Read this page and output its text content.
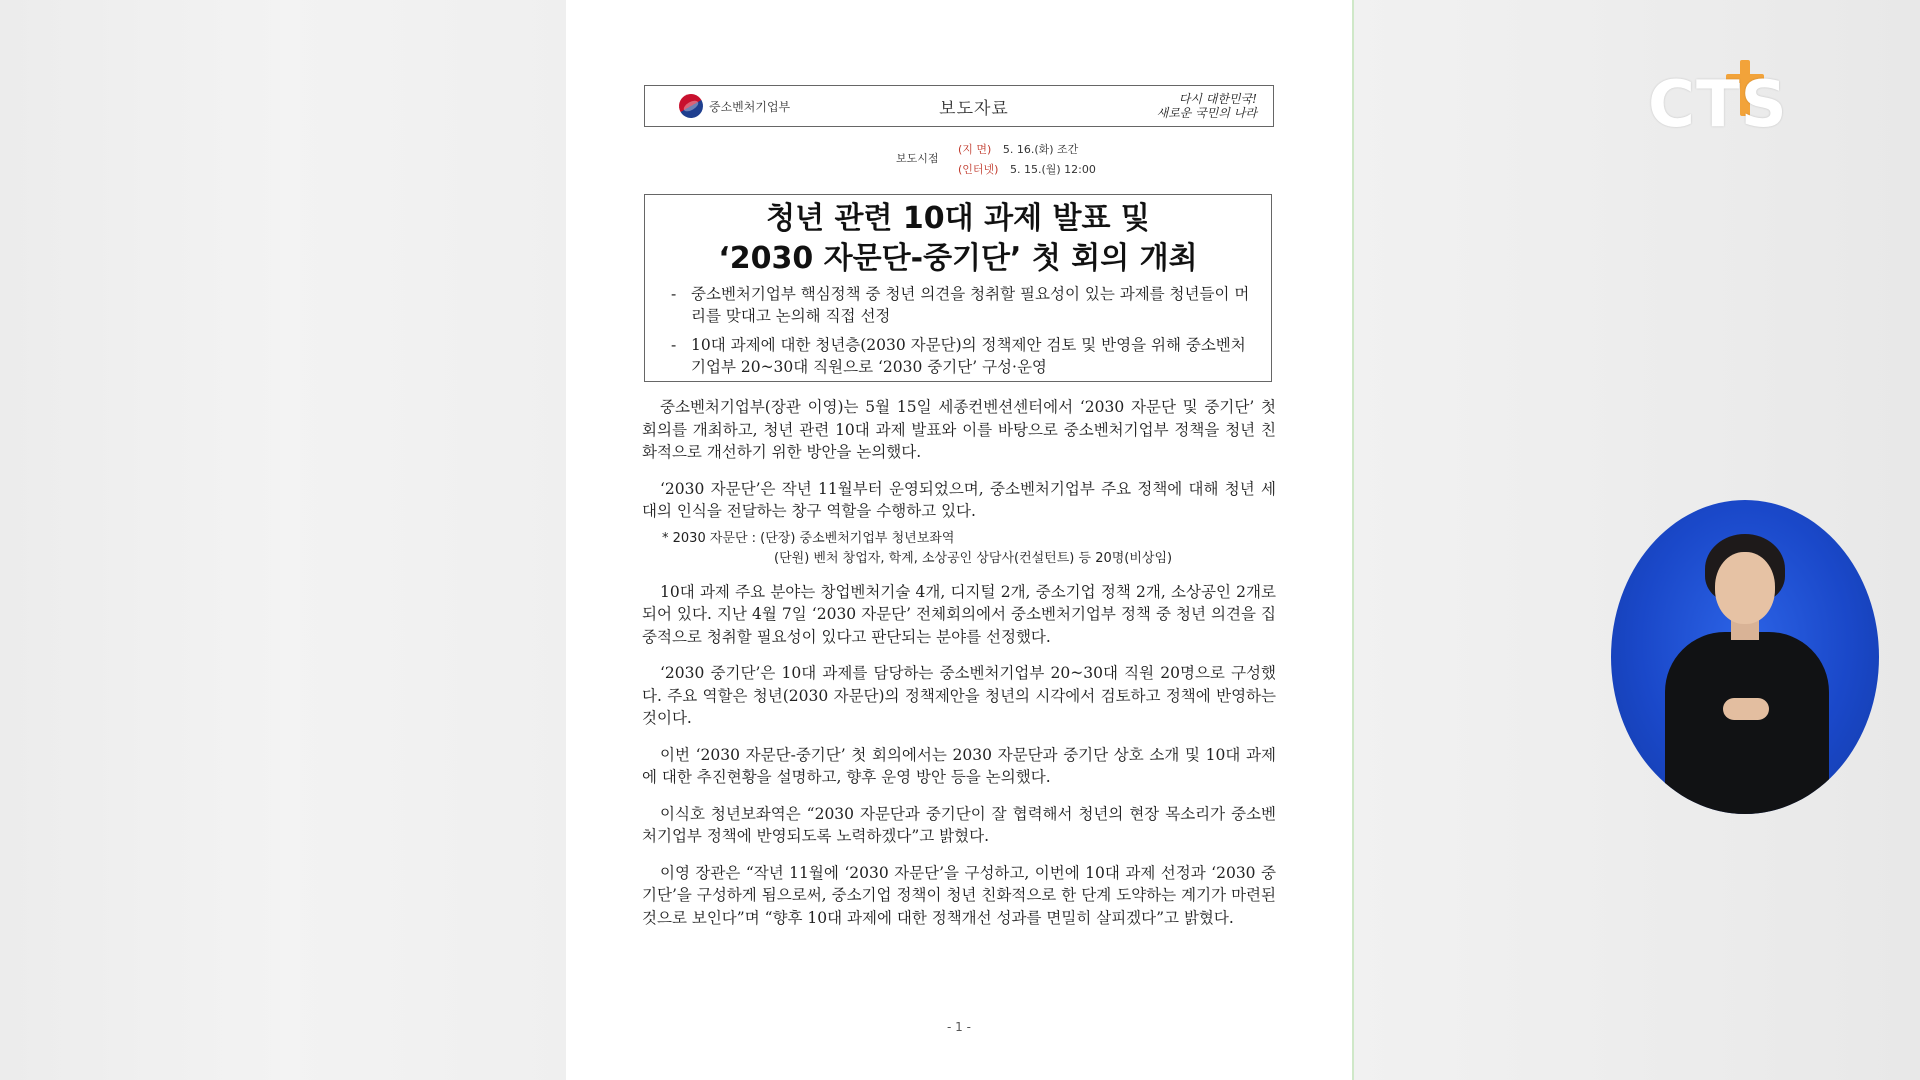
중소벤처기업부	보도자료	다시 대한민국!
새로운 국민의 나라
보도시점
(지 면) 5. 16.(화) 조간
(인터넷) 5. 15.(월) 12:00
청년 관련 10대 과제 발표 및
‘2030 자문단-중기단’ 첫 회의 개최
- 중소벤처기업부 핵심정책 중 청년 의견을 청취할 필요성이 있는 과제를 청년들이 머리를 맞대고 논의해 직접 선정
- 10대 과제에 대한 청년층(2030 자문단)의 정책제안 검토 및 반영을 위해 중소벤처기업부 20~30대 직원으로 ‘2030 중기단’ 구성·운영

중소벤처기업부(장관 이영)는 5월 15일 세종컨벤션센터에서 ‘2030 자문단 및 중기단’ 첫 회의를 개최하고, 청년 관련 10대 과제 발표와 이를 바탕으로 중소벤처기업부 정책을 청년 친화적으로 개선하기 위한 방안을 논의했다.

‘2030 자문단’은 작년 11월부터 운영되었으며, 중소벤처기업부 주요 정책에 대해 청년 세대의 인식을 전달하는 창구 역할을 수행하고 있다.

* 2030 자문단 : (단장) 중소벤처기업부 청년보좌역
(단원) 벤처 창업자, 학계, 소상공인 상담사(컨설턴트) 등 20명(비상임)

10대 과제 주요 분야는 창업벤처기술 4개, 디지털 2개, 중소기업 정책 2개, 소상공인 2개로 되어 있다. 지난 4월 7일 ‘2030 자문단’ 전체회의에서 중소벤처기업부 정책 중 청년 의견을 집중적으로 청취할 필요성이 있다고 판단되는 분야를 선정했다.

‘2030 중기단’은 10대 과제를 담당하는 중소벤처기업부 20~30대 직원 20명으로 구성했다. 주요 역할은 청년(2030 자문단)의 정책제안을 청년의 시각에서 검토하고 정책에 반영하는 것이다.

이번 ‘2030 자문단-중기단’ 첫 회의에서는 2030 자문단과 중기단 상호 소개 및 10대 과제에 대한 추진현황을 설명하고, 향후 운영 방안 등을 논의했다.

이식호 청년보좌역은 “2030 자문단과 중기단이 잘 협력해서 청년의 현장 목소리가 중소벤처기업부 정책에 반영되도록 노력하겠다”고 밝혔다.

이영 장관은 “작년 11월에 ‘2030 자문단’을 구성하고, 이번에 10대 과제 선정과 ‘2030 중기단’을 구성하게 됨으로써, 중소기업 정책이 청년 친화적으로 한 단계 도약하는 계기가 마련된 것으로 보인다”며 “향후 10대 과제에 대한 정책개선 성과를 면밀히 살피겠다”고 밝혔다.

- 1 -
CTS
